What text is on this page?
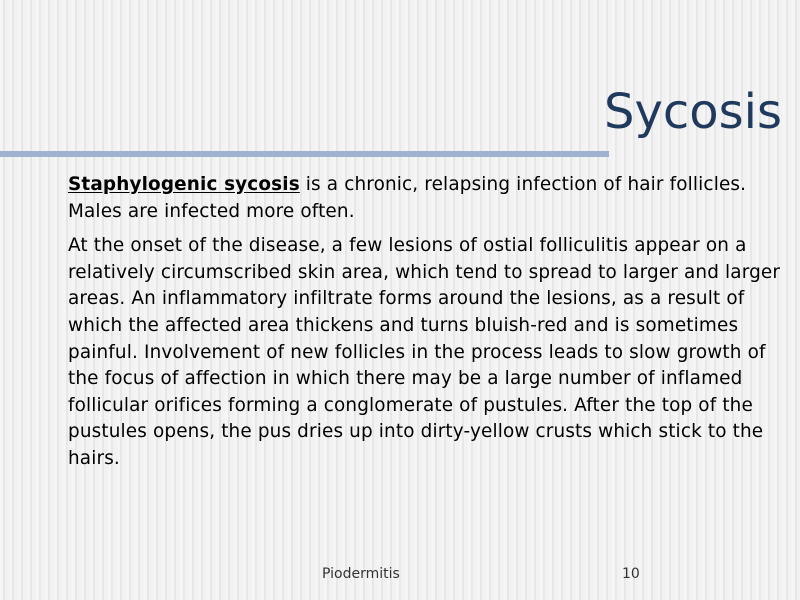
Sycosis

Staphylogenic sycosis is a chronic, relapsing infection of hair follicles. Males are infected more often.

At the onset of the disease, a few lesions of ostial folliculitis appear on a relatively circumscribed skin area, which tend to spread to larger and larger areas. An inflammatory infiltrate forms around the lesions, as a result of which the affected area thickens and turns bluish-red and is sometimes painful. Involvement of new follicles in the process leads to slow growth of the focus of affection in which there may be a large number of inflamed follicular orifices forming a conglomerate of pustules. After the top of the pustules opens, the pus dries up into dirty-yellow crusts which stick to the hairs.

Piodermitis	10
